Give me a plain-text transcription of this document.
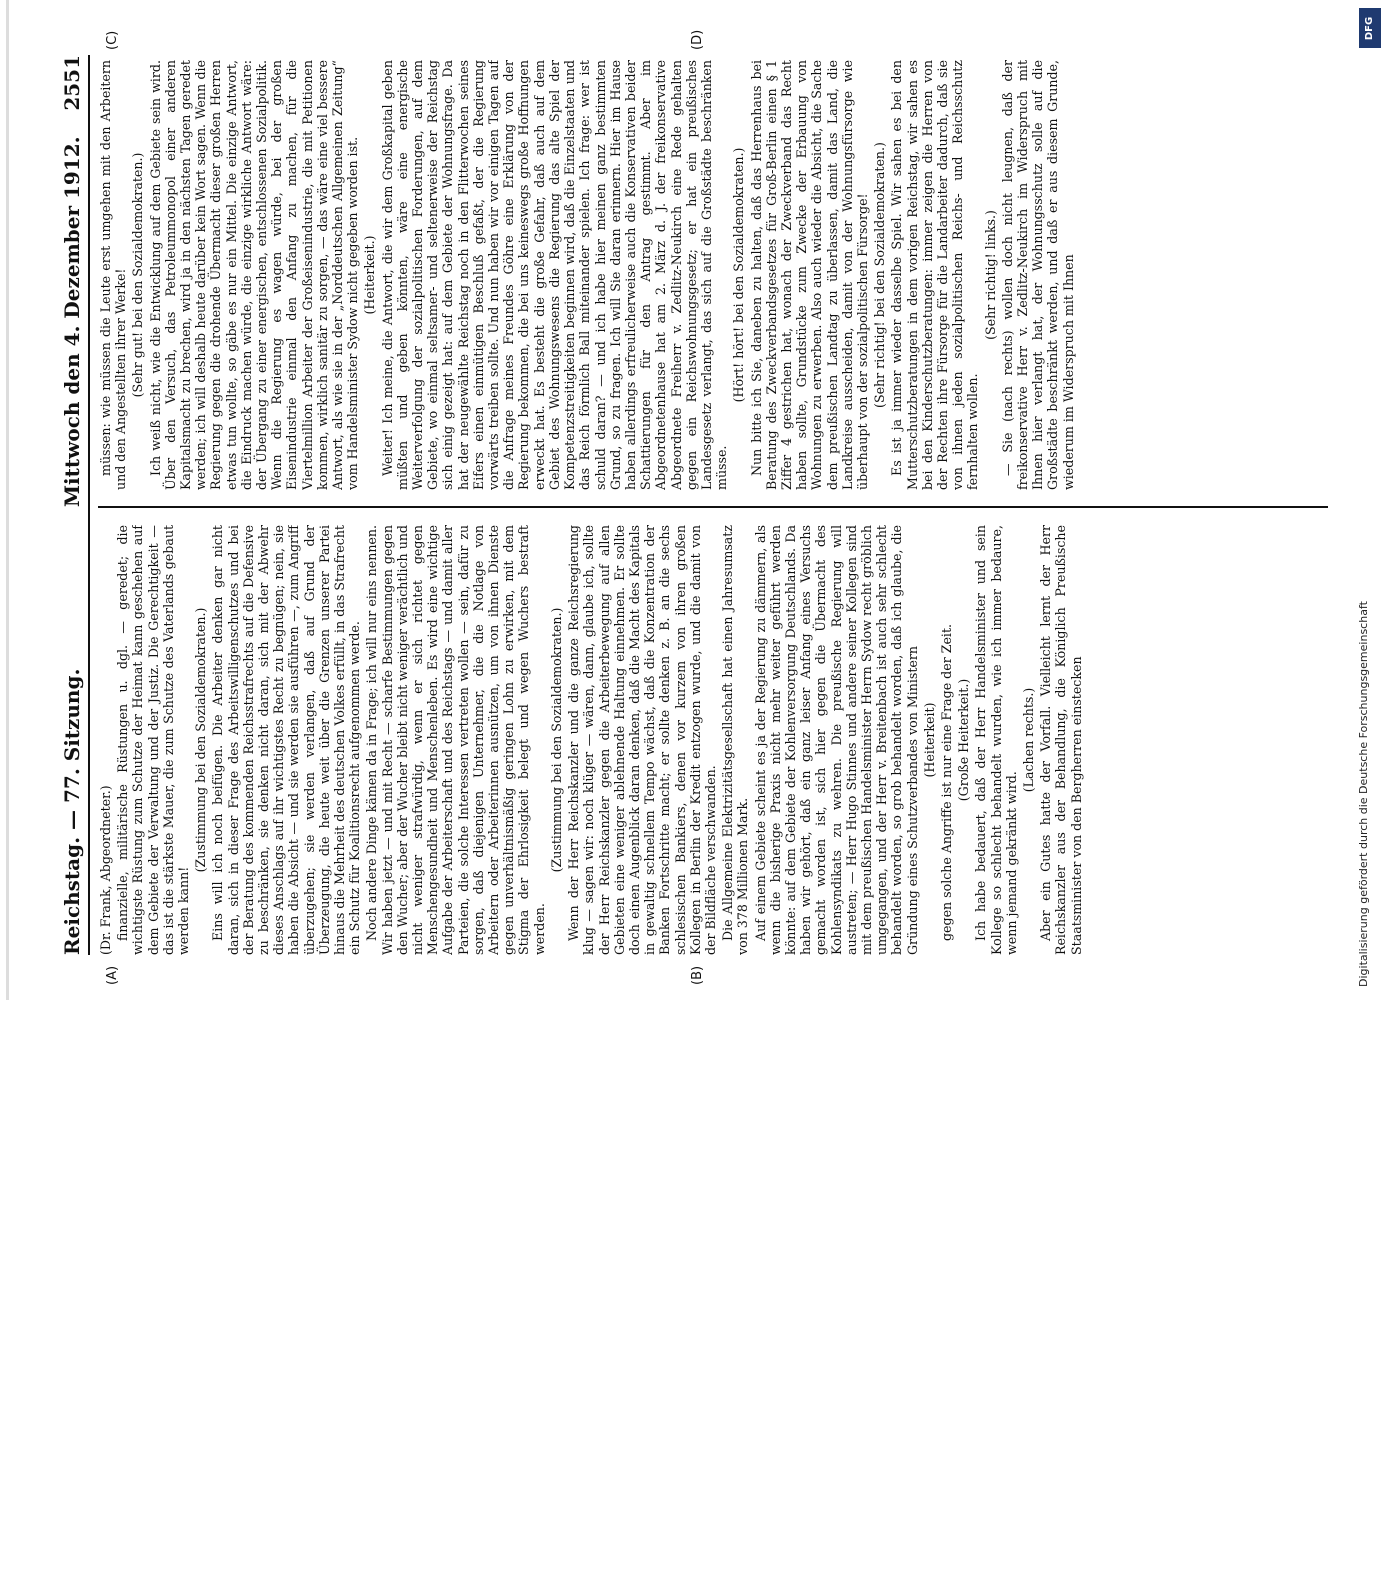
Reichstag. — 77. Sitzung.
Mittwoch den 4. Dezember 1912.
2551
(A)	(B)
(C)	(D)

(Dr. Frank, Abgeordneter.) finanzielle, militärische Rüstungen u. dgl. — geredet; die wichtigste Rüstung zum Schutze der Heimat kann geschehen auf dem Gebiete der Verwaltung und der Justiz. Die Gerechtigkeit — das ist die stärkste Mauer, die zum Schutze des Vaterlands gebaut werden kann!

(Zustimmung bei den Sozialdemokraten.) Eins will ich noch beifügen. Die Arbeiter denken gar nicht daran, sich in dieser Frage des Arbeitswilligenschutzes und bei der Beratung des kommenden Reichsstrafrechts auf die Defensive zu beschränken, sie denken nicht daran, sich mit der Abwehr dieses Anschlags auf ihr wichtigstes Recht zu begnügen; nein, sie haben die Absicht — und sie werden sie ausführen —, zum Angriff überzugehen; sie werden verlangen, daß auf Grund der Überzeugung, die heute weit über die Grenzen unserer Partei hinaus die Mehrheit des deutschen Volkes erfüllt, in das Strafrecht ein Schutz für Koalitionsrecht aufgenommen werde. Noch andere Dinge kämen da in Frage; ich will nur eins nennen. Wir haben jetzt — und mit Recht — scharfe Bestimmungen gegen den Wucher; aber der Wucher bleibt nicht weniger verächtlich und nicht weniger strafwürdig, wenn er sich richtet gegen Menschengesundheit und Menschenleben. Es wird eine wichtige Aufgabe der Arbeiterschaft und des Reichstags — und damit aller Parteien, die solche Interessen vertreten wollen — sein, dafür zu sorgen, daß diejenigen Unternehmer, die die Notlage von Arbeitern oder Arbeiterinnen ausnützen, um von ihnen Dienste gegen unverhältnismäßig geringen Lohn zu erwirken, mit dem Stigma der Ehrlosigkeit belegt und wegen Wuchers bestraft werden.

(Zustimmung bei den Sozialdemokraten.) Wenn der Herr Reichskanzler und die ganze Reichsregierung klug — sagen wir: noch klüger — wären, dann, glaube ich, sollte der Herr Reichskanzler gegen die Arbeiterbewegung auf allen Gebieten eine weniger ablehnende Haltung einnehmen. Er sollte doch einen Augenblick daran denken, daß die Macht des Kapitals in gewaltig schnellem Tempo wächst, daß die Konzentration der Banken Fortschritte macht; er sollte denken z. B. an die sechs schlesischen Bankiers, denen vor kurzem von ihren großen Kollegen in Berlin der Kredit entzogen wurde, und die damit von der Bildfläche verschwanden. Die Allgemeine Elektrizitätsgesellschaft hat einen Jahresumsatz von 378 Millionen Mark. Auf einem Gebiete scheint es ja der Regierung zu dämmern, als wenn die bisherige Praxis nicht mehr weiter geführt werden könnte: auf dem Gebiete der Kohlenversorgung Deutschlands. Da haben wir gehört, daß ein ganz leiser Anfang eines Versuchs gemacht worden ist, sich hier gegen die Übermacht des Kohlensyndikats zu wehren. Die preußische Regierung will austreten; — Herr Hugo Stinnes und andere seiner Kollegen sind mit dem preußischen Handelsminister Herrn Sydow recht gröblich umgegangen, und der Herr v. Breitenbach ist auch sehr schlecht behandelt worden, so grob behandelt worden, daß ich glaube, die Gründung eines Schutzverbandes von Ministern (Heiterkeit) gegen solche Angriffe ist nur eine Frage der Zeit. (Große Heiterkeit.) Ich habe bedauert, daß der Herr Handelsminister und sein Kollege so schlecht behandelt wurden, wie ich immer bedaure, wenn jemand gekränkt wird.

(Lachen rechts.) Aber ein Gutes hatte der Vorfall. Vielleicht lernt der Herr Reichskanzler aus der Behandlung, die Königlich Preußische Staatsminister von den Bergherren einstecken

müssen: wie müssen die Leute erst umgehen mit den Arbeitern und den Angestellten ihrer Werke! (Sehr gut! bei den Sozialdemokraten.) Ich weiß nicht, wie die Entwicklung auf dem Gebiete sein wird. Über den Versuch, das Petroleummonopol einer anderen Kapitalsmacht zu brechen, wird ja in den nächsten Tagen geredet werden; ich will deshalb heute darüber kein Wort sagen. Wenn die Regierung gegen die drohende Übermacht dieser großen Herren etwas tun wollte, so gäbe es nur ein Mittel. Die einzige Antwort, die Eindruck machen würde, die einzige wirkliche Antwort wäre: der Übergang zu einer energischen, entschlossenen Sozialpolitik. Wenn die Regierung es wagen würde, bei der großen Eisenindustrie einmal den Anfang zu machen, für die Viertelmillion Arbeiter der Großeisenindustrie, die mit Petitionen kommen, wirklich sanitär zu sorgen, — das wäre eine viel bessere Antwort, als wie sie in der „Norddeutschen Allgemeinen Zeitung“ vom Handelsminister Sydow nicht gegeben worden ist. (Heiterkeit.) Weiter! Ich meine, die Antwort, die wir dem Großkapital geben müßten und geben könnten, wäre eine energische Weiterverfolgung der sozialpolitischen Forderungen, auf dem Gebiete, wo einmal seltsamer- und seltenerweise der Reichstag sich einig gezeigt hat: auf dem Gebiete der Wohnungsfrage. Da hat der neugewählte Reichstag noch in den Flitterwochen seines Eifers einen einmütigen Beschluß gefaßt, der die Regierung vorwärts treiben sollte. Und nun haben wir vor einigen Tagen auf die Anfrage meines Freundes Göhre eine Erklärung von der Regierung bekommen, die bei uns keineswegs große Hoffnungen erweckt hat. Es besteht die große Gefahr, daß auch auf dem Gebiet des Wohnungswesens die Regierung das alte Spiel der Kompetenzstreitigkeiten beginnen wird, daß die Einzelstaaten und das Reich förmlich Ball miteinander spielen. Ich frage: wer ist schuld daran? — und ich habe hier meinen ganz bestimmten Grund, so zu fragen. Ich will Sie daran erinnern. Hier im Hause haben allerdings erfreulicherweise auch die Konservativen beider Schattierungen für den Antrag gestimmt. Aber im Abgeordnetenhause hat am 2. März d. J. der freikonservative Abgeordnete Freiherr v. Zedlitz-Neukirch eine Rede gehalten gegen ein Reichswohnungsgesetz; er hat ein preußisches Landesgesetz verlangt, das sich auf die Großstädte beschränken müsse.

(Hört! hört! bei den Sozialdemokraten.) Nun bitte ich Sie, daneben zu halten, daß das Herrenhaus bei Beratung des Zweckverbandsgesetzes für Groß-Berlin einen § 1 Ziffer 4 gestrichen hat, wonach der Zweckverband das Recht haben sollte, Grundstücke zum Zwecke der Erbauung von Wohnungen zu erwerben. Also auch wieder die Absicht, die Sache dem preußischen Landtag zu überlassen, damit das Land, die Landkreise ausscheiden, damit von der Wohnungsfürsorge wie überhaupt von der sozialpolitischen Fürsorge! (Sehr richtig! bei den Sozialdemokraten.) Es ist ja immer wieder dasselbe Spiel. Wir sahen es bei den Mutterschutzberatungen in dem vorigen Reichstag, wir sahen es bei den Kinderschutzberatungen: immer zeigen die Herren von der Rechten ihre Fürsorge für die Landarbeiter dadurch, daß sie von ihnen jeden sozialpolitischen Reichs- und Reichsschutz fernhalten wollen.

(Sehr richtig! links.) — Sie (nach rechts) wollen doch nicht leugnen, daß der freikonservative Herr v. Zedlitz-Neukirch im Widerspruch mit Ihnen hier verlangt hat, der Wohnungsschutz solle auf die Großstädte beschränkt werden, und daß er aus diesem Grunde, wiederum im Widerspruch mit Ihnen

DFG
Digitalisierung gefördert durch die Deutsche Forschungsgemeinschaft
